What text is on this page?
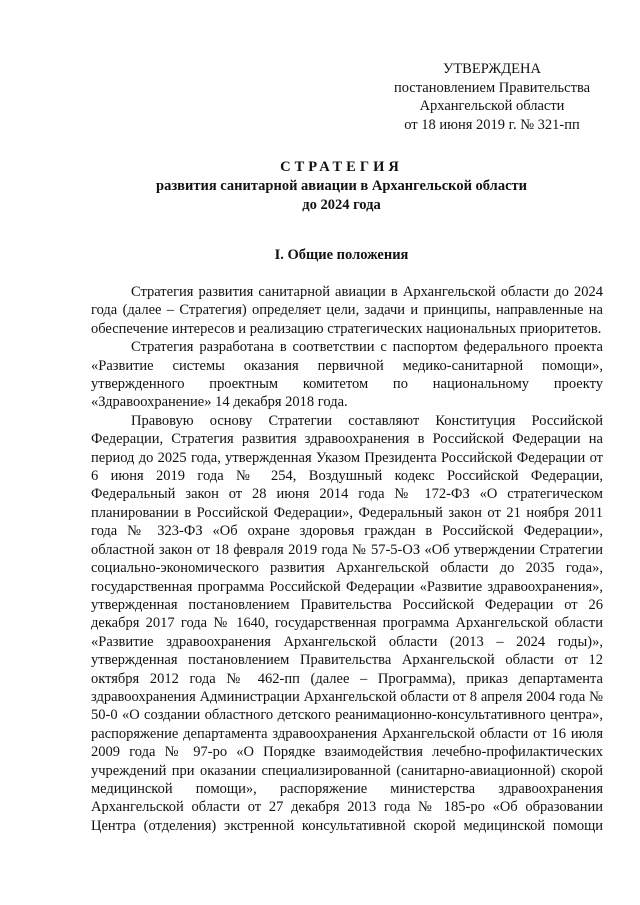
УТВЕРЖДЕНА
постановлением Правительства
Архангельской области
от 18 июня 2019 г. № 321-пп
СТРАТЕГИЯ
развития санитарной авиации в Архангельской области
до 2024 года
I. Общие положения

Стратегия развития санитарной авиации в Архангельской области до 2024 года (далее – Стратегия) определяет цели, задачи и принципы, направленные на обеспечение интересов и реализацию стратегических национальных приоритетов.

Стратегия разработана в соответствии с паспортом федерального проекта «Развитие системы оказания первичной медико-санитарной помощи», утвержденного проектным комитетом по национальному проекту «Здравоохранение» 14 декабря 2018 года.

Правовую основу Стратегии составляют Конституция Российской Федерации, Стратегия развития здравоохранения в Российской Федерации на период до 2025 года, утвержденная Указом Президента Российской Федерации от 6 июня 2019 года № 254, Воздушный кодекс Российской Федерации, Федеральный закон от 28 июня 2014 года № 172-ФЗ «О стратегическом планировании в Российской Федерации», Федеральный закон от 21 ноября 2011 года № 323-ФЗ «Об охране здоровья граждан в Российской Федерации», областной закон от 18 февраля 2019 года № 57-5-ОЗ «Об утверждении Стратегии социально-экономического развития Архангельской области до 2035 года», государственная программа Российской Федерации «Развитие здравоохранения», утвержденная постановлением Правительства Российской Федерации от 26 декабря 2017 года № 1640, государственная программа Архангельской области «Развитие здравоохранения Архангельской области (2013 – 2024 годы)», утвержденная постановлением Правительства Архангельской области от 12 октября 2012 года № 462-пп (далее – Программа), приказ департамента здравоохранения Администрации Архангельской области от 8 апреля 2004 года № 50-0 «О создании областного детского реанимационно-консультативного центра», распоряжение департамента здравоохранения Архангельской области от 16 июля 2009 года № 97-ро «О Порядке взаимодействия лечебно-профилактических учреждений при оказании специализированной (санитарно-авиационной) скорой медицинской помощи», распоряжение министерства здравоохранения Архангельской области от 27 декабря 2013 года № 185-ро «Об образовании Центра (отделения) экстренной консультативной скорой медицинской помощи
